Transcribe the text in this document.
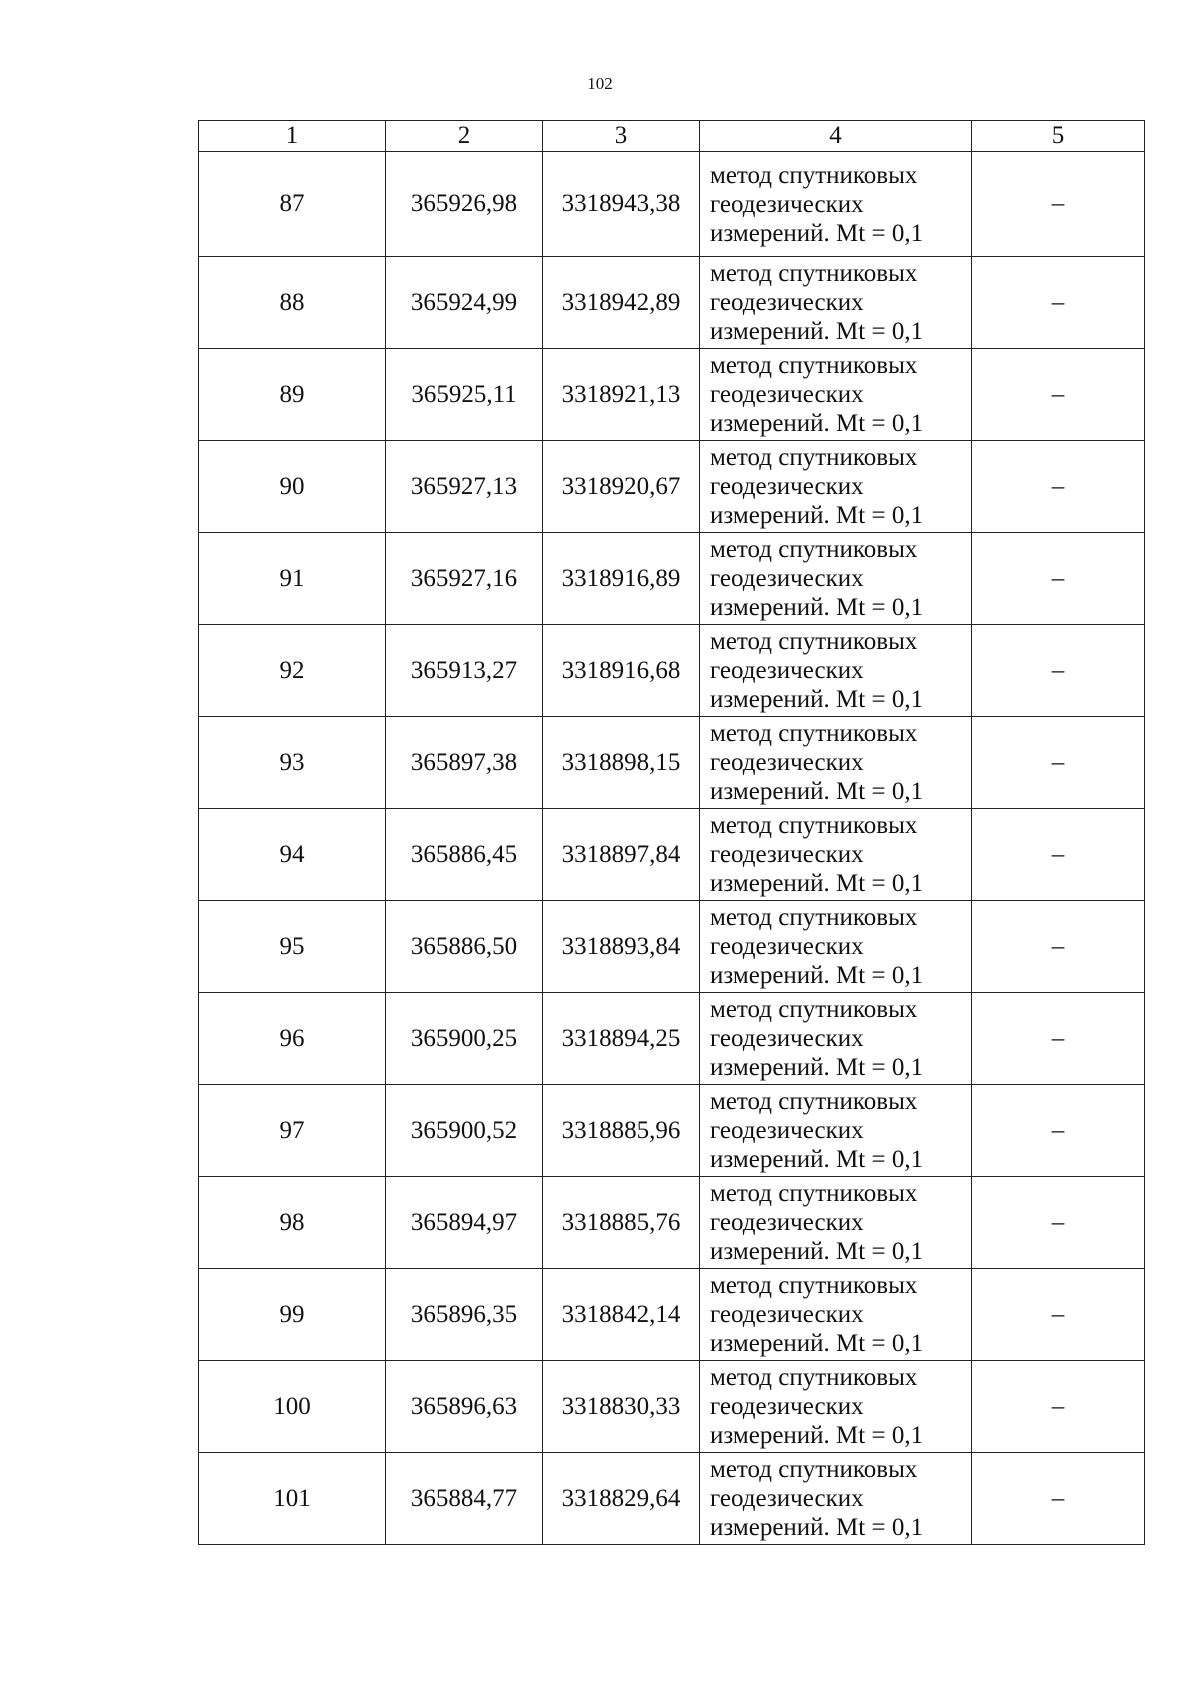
102
1	2	3	4	5
87	365926,98	3318943,38	метод спутниковых
геодезических
измерений. Mt = 0,1	–
88	365924,99	3318942,89	метод спутниковых
геодезических
измерений. Mt = 0,1	–
89	365925,11	3318921,13	метод спутниковых
геодезических
измерений. Mt = 0,1	–
90	365927,13	3318920,67	метод спутниковых
геодезических
измерений. Mt = 0,1	–
91	365927,16	3318916,89	метод спутниковых
геодезических
измерений. Mt = 0,1	–
92	365913,27	3318916,68	метод спутниковых
геодезических
измерений. Mt = 0,1	–
93	365897,38	3318898,15	метод спутниковых
геодезических
измерений. Mt = 0,1	–
94	365886,45	3318897,84	метод спутниковых
геодезических
измерений. Mt = 0,1	–
95	365886,50	3318893,84	метод спутниковых
геодезических
измерений. Mt = 0,1	–
96	365900,25	3318894,25	метод спутниковых
геодезических
измерений. Mt = 0,1	–
97	365900,52	3318885,96	метод спутниковых
геодезических
измерений. Mt = 0,1	–
98	365894,97	3318885,76	метод спутниковых
геодезических
измерений. Mt = 0,1	–
99	365896,35	3318842,14	метод спутниковых
геодезических
измерений. Mt = 0,1	–
100	365896,63	3318830,33	метод спутниковых
геодезических
измерений. Mt = 0,1	–
101	365884,77	3318829,64	метод спутниковых
геодезических
измерений. Mt = 0,1	–
